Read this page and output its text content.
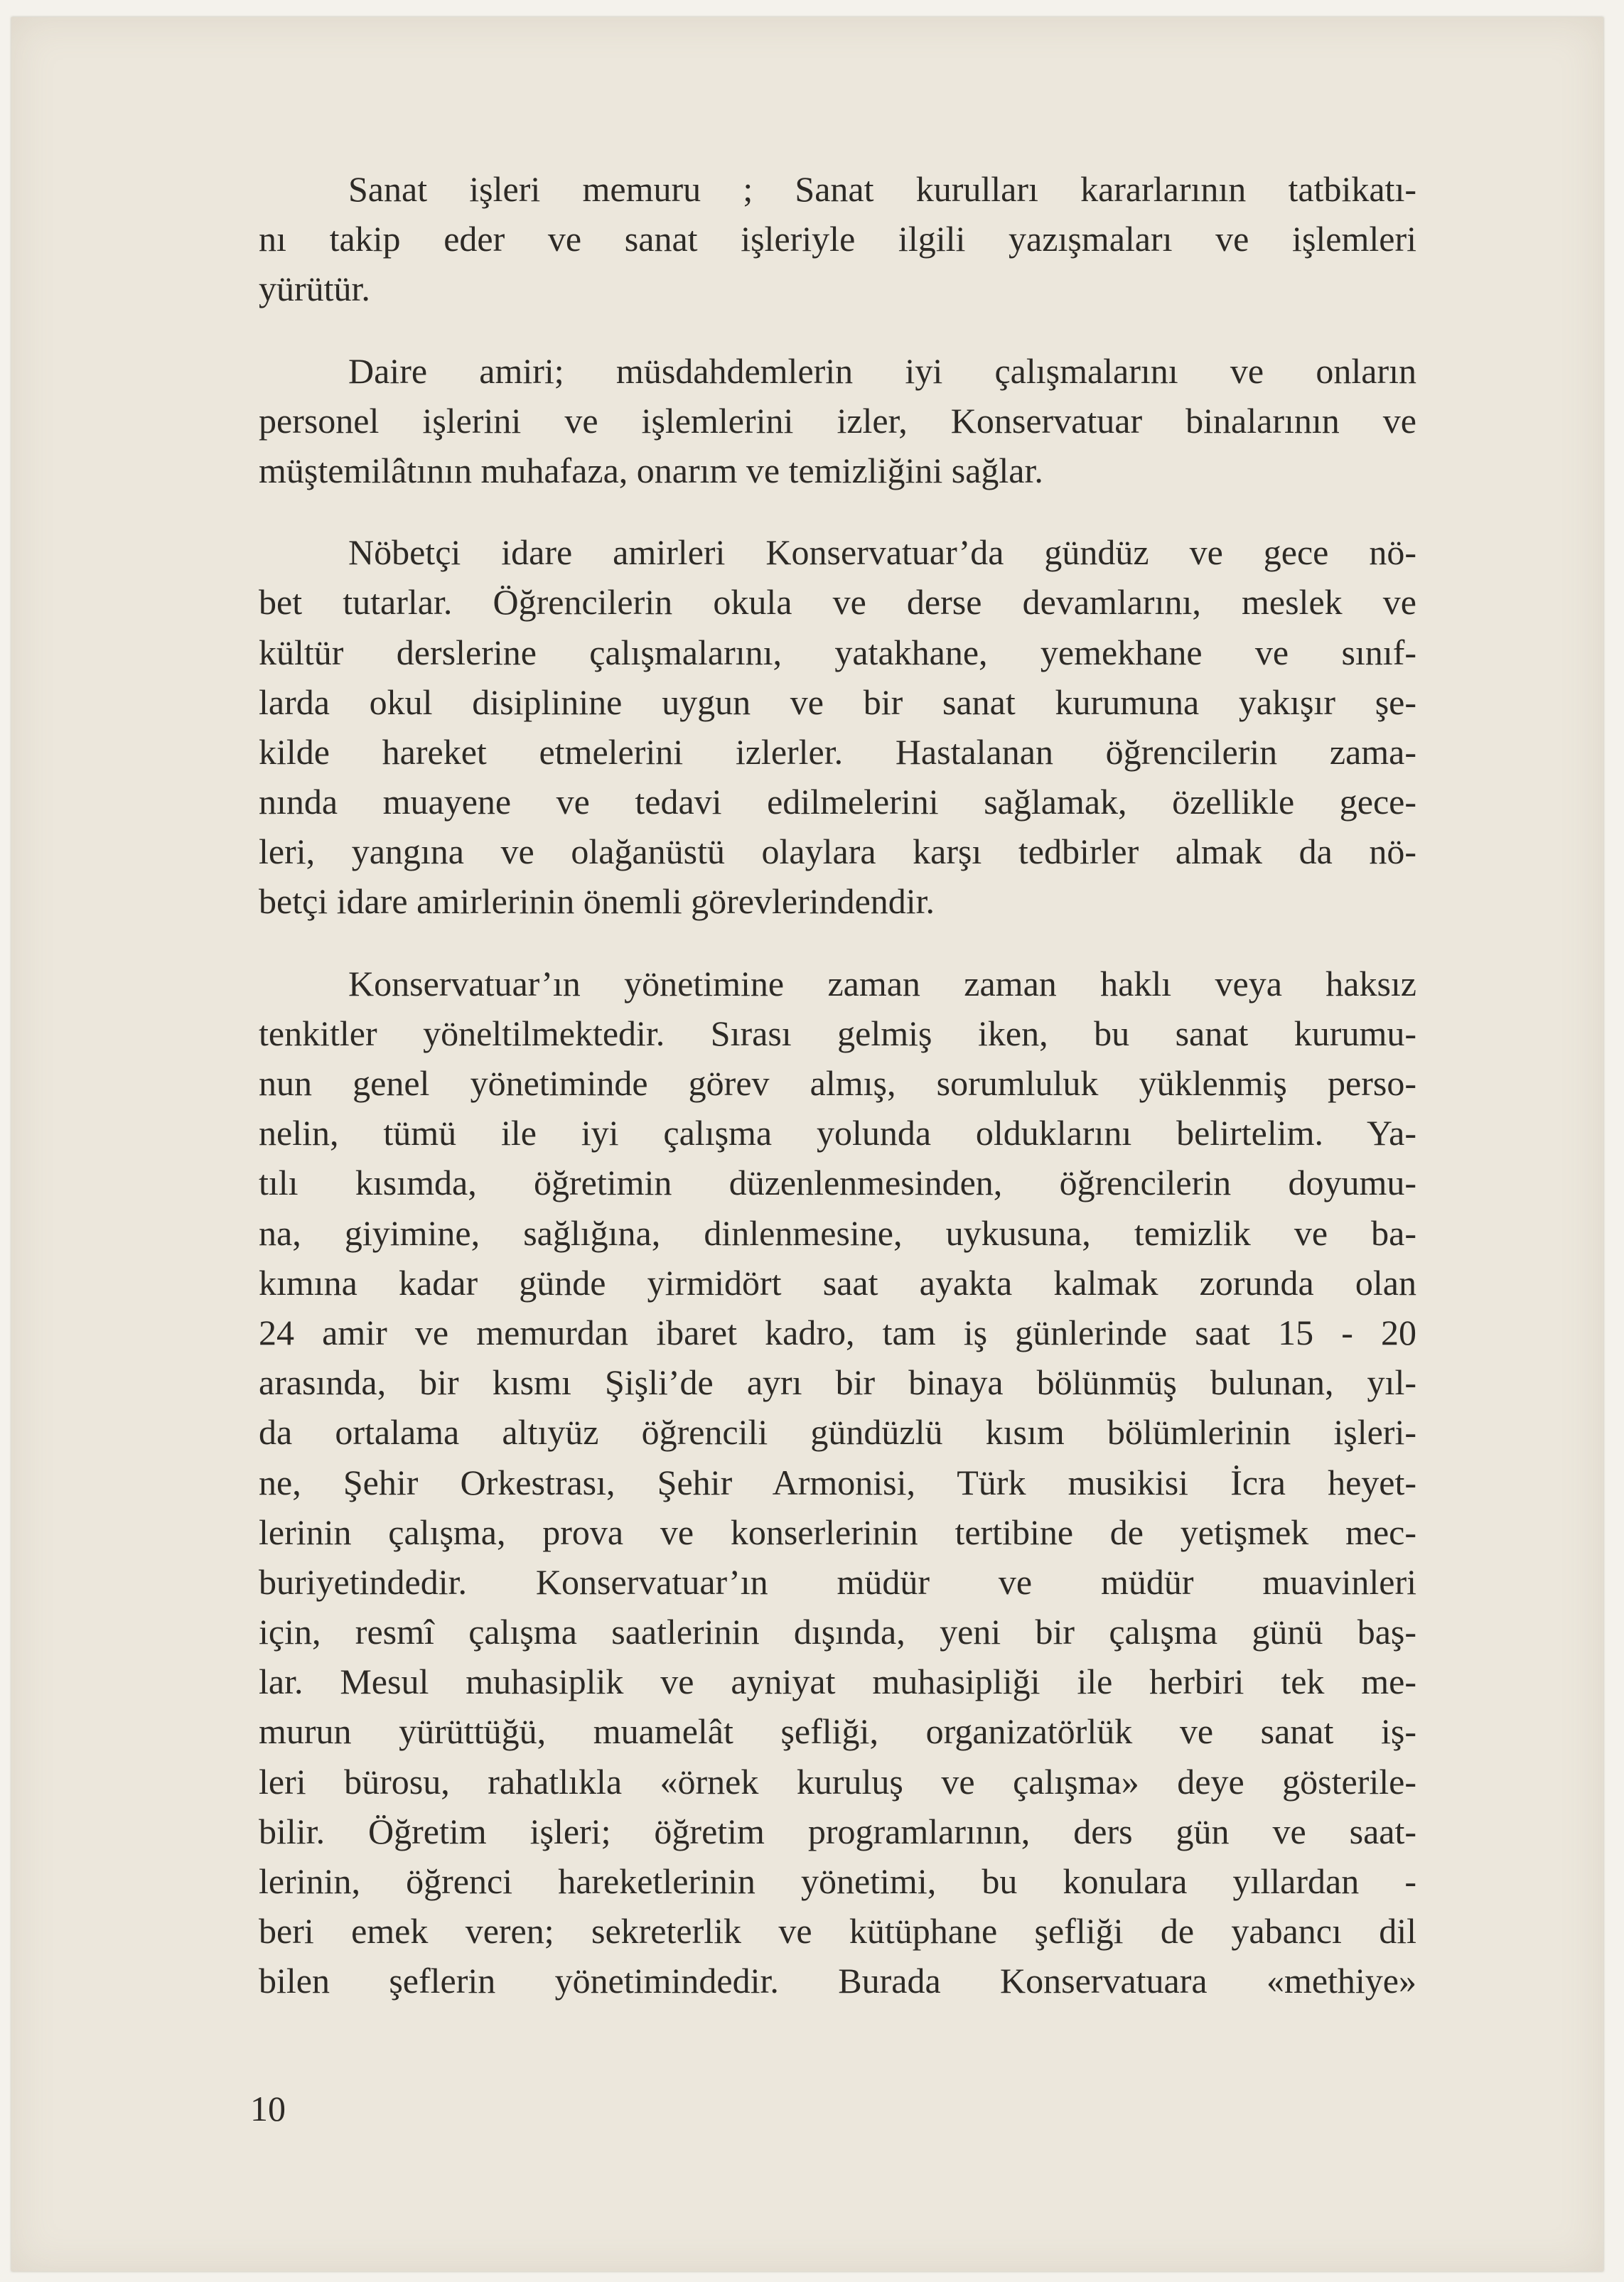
Sanat işleri memuru ; Sanat kurulları kararlarının tatbikatı-
nı takip eder ve sanat işleriyle ilgili yazışmaları ve işlemleri
yürütür.
Daire amiri; müsdahdemlerin iyi çalışmalarını ve onların
personel işlerini ve işlemlerini izler, Konservatuar binalarının ve
müştemilâtının muhafaza, onarım ve temizliğini sağlar.
Nöbetçi idare amirleri Konservatuar’da gündüz ve gece nö-
bet tutarlar. Öğrencilerin okula ve derse devamlarını, meslek ve
kültür derslerine çalışmalarını, yatakhane, yemekhane ve sınıf-
larda okul disiplinine uygun ve bir sanat kurumuna yakışır şe-
kilde hareket etmelerini izlerler. Hastalanan öğrencilerin zama-
nında muayene ve tedavi edilmelerini sağlamak, özellikle gece-
leri, yangına ve olağanüstü olaylara karşı tedbirler almak da nö-
betçi idare amirlerinin önemli görevlerindendir.
Konservatuar’ın yönetimine zaman zaman haklı veya haksız
tenkitler yöneltilmektedir. Sırası gelmiş iken, bu sanat kurumu-
nun genel yönetiminde görev almış, sorumluluk yüklenmiş perso-
nelin, tümü ile iyi çalışma yolunda olduklarını belirtelim. Ya-
tılı kısımda, öğretimin düzenlenmesinden, öğrencilerin doyumu-
na, giyimine, sağlığına, dinlenmesine, uykusuna, temizlik ve ba-
kımına kadar günde yirmidört saat ayakta kalmak zorunda olan
24 amir ve memurdan ibaret kadro, tam iş günlerinde saat 15 - 20
arasında, bir kısmı Şişli’de ayrı bir binaya bölünmüş bulunan, yıl-
da ortalama altıyüz öğrencili gündüzlü kısım bölümlerinin işleri-
ne, Şehir Orkestrası, Şehir Armonisi, Türk musikisi İcra heyet-
lerinin çalışma, prova ve konserlerinin tertibine de yetişmek mec-
buriyetindedir. Konservatuar’ın müdür ve müdür muavinleri
için, resmî çalışma saatlerinin dışında, yeni bir çalışma günü baş-
lar. Mesul muhasiplik ve ayniyat muhasipliği ile herbiri tek me-
murun yürüttüğü, muamelât şefliği, organizatörlük ve sanat iş-
leri bürosu, rahatlıkla «örnek kuruluş ve çalışma» deye gösterile-
bilir. Öğretim işleri; öğretim programlarının, ders gün ve saat-
lerinin, öğrenci hareketlerinin yönetimi, bu konulara yıllardan -
beri emek veren; sekreterlik ve kütüphane şefliği de yabancı dil
bilen şeflerin yönetimindedir. Burada Konservatuara «methiye»
10
